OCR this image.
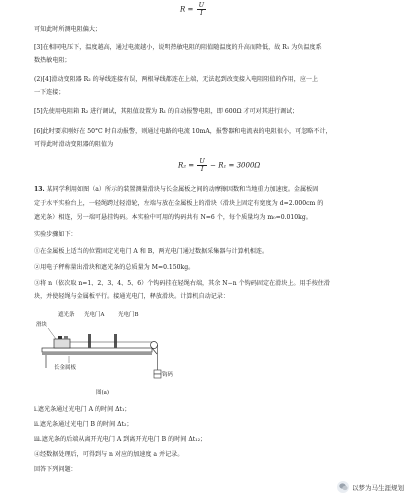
$R = \frac{U}{I}$
可知此时所测电阻偏大；
[3]在相同电压下，温度越高，通过电流越小，说明热敏电阻的阻值随温度的升高而降低，故 R₁ 为负温度系
数热敏电阻；
(2)[4]滑动变阻器 R₂ 的导线连接有误，两根导线都连在上端，无法起到改变接入电阻阻值的作用，应一上
一下连接；
[5]先使用电阻箱 R₂ 进行调试，其阻值设置为 R₁ 的自动报警电阻，即 600Ω 才可对其进行调试；
[6]此时要求刚好在 50°C 时自动报警，则通过电路的电流 10mA，报警器和电流表的电阻很小，可忽略不计，
可得此时滑动变阻器的阻值为
$R_2 = \frac{U}{I} - R_1 = 3000\Omega$
13. 某同学利用如图（a）所示的装置测量滑块与长金属板之间的动摩擦因数和当地重力加速度。金属板固
定于水平实验台上，一轻绳跨过轻滑轮，左端与放在金属板上的滑块（滑块上固定有宽度为 d=2.000cm 的
遮光条）相连，另一端可悬挂钩码。本实验中可用的钩码共有 N=6 个，每个质量均为 m₀=0.010kg。
实验步骤如下：
①在金属板上适当的位置固定光电门 A 和 B，两光电门通过数据采集器与计算机相连。
②用电子秤称量出滑块和遮光条的总质量为 M=0.150kg。
③将 n（依次取 n=1、2、3、4、5、6）个钩码挂在轻绳右端，其余 N−n 个钩码固定在滑块上。用手按住滑
块，并使轻绳与金属板平行。接通光电门，释放滑块。计算机自动记录：
滑块
遮光条 光电门A 光电门B
长金属板
钩码
图(a)
i.遮光条通过光电门 A 的时间 Δt₁；
ii.遮光条通过光电门 B 的时间 Δt₂；
iii.遮光条的后端从离开光电门 A 到离开光电门 B 的时间 Δt₁₂；
④经数据处理后，可得到与 n 对应的加速度 a 并记录。
回答下列问题：
以梦为马生涯规划
